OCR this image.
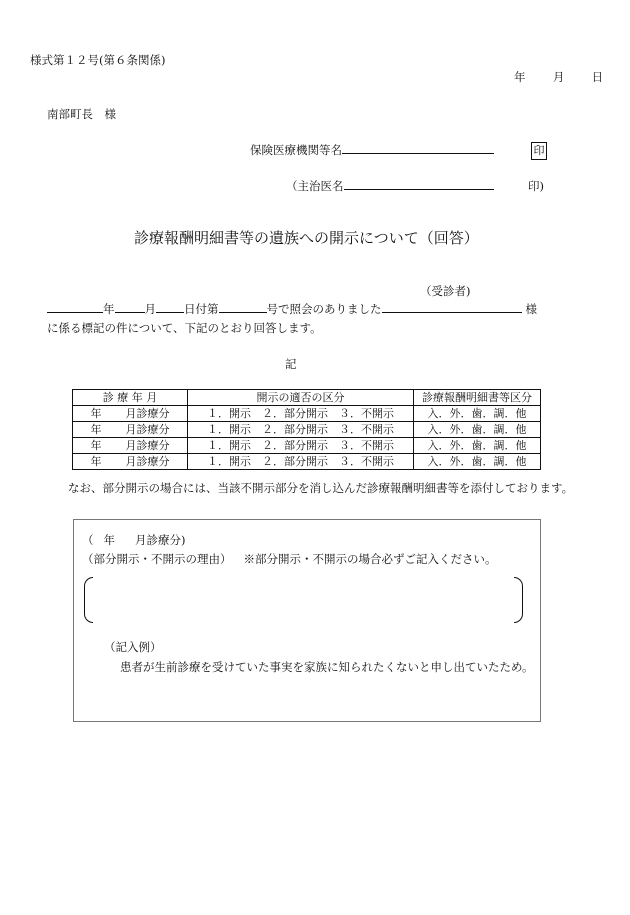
様式第１２号(第６条関係)
年 月 日
南部町長　様
保険医療機関等名	印
（主治医名	印)
診療報酬明細書等の遺族への開示について（回答）
（受診者)
年	月 日付第	号で照会のありました	様
に係る標記の件について、下記のとおり回答します。
記
診 療 年 月	開示の適否の区分	診療報酬明細書等区分
年 月診療分	１．開示　２．部分開示　３．不開示	入．外．歯．調．他
年 月診療分	１．開示　２．部分開示　３．不開示	入．外．歯．調．他
年 月診療分	１．開示　２．部分開示　３．不開示	入．外．歯．調．他
年 月診療分	１．開示　２．部分開示　３．不開示	入．外．歯．調．他
なお、部分開示の場合には、当該不開示部分を消し込んだ診療報酬明細書等を添付しております。
（ 年 月診療分)
（部分開示・不開示の理由） ※部分開示・不開示の場合必ずご記入ください。
（記入例）
患者が生前診療を受けていた事実を家族に知られたくないと申し出ていたため。
